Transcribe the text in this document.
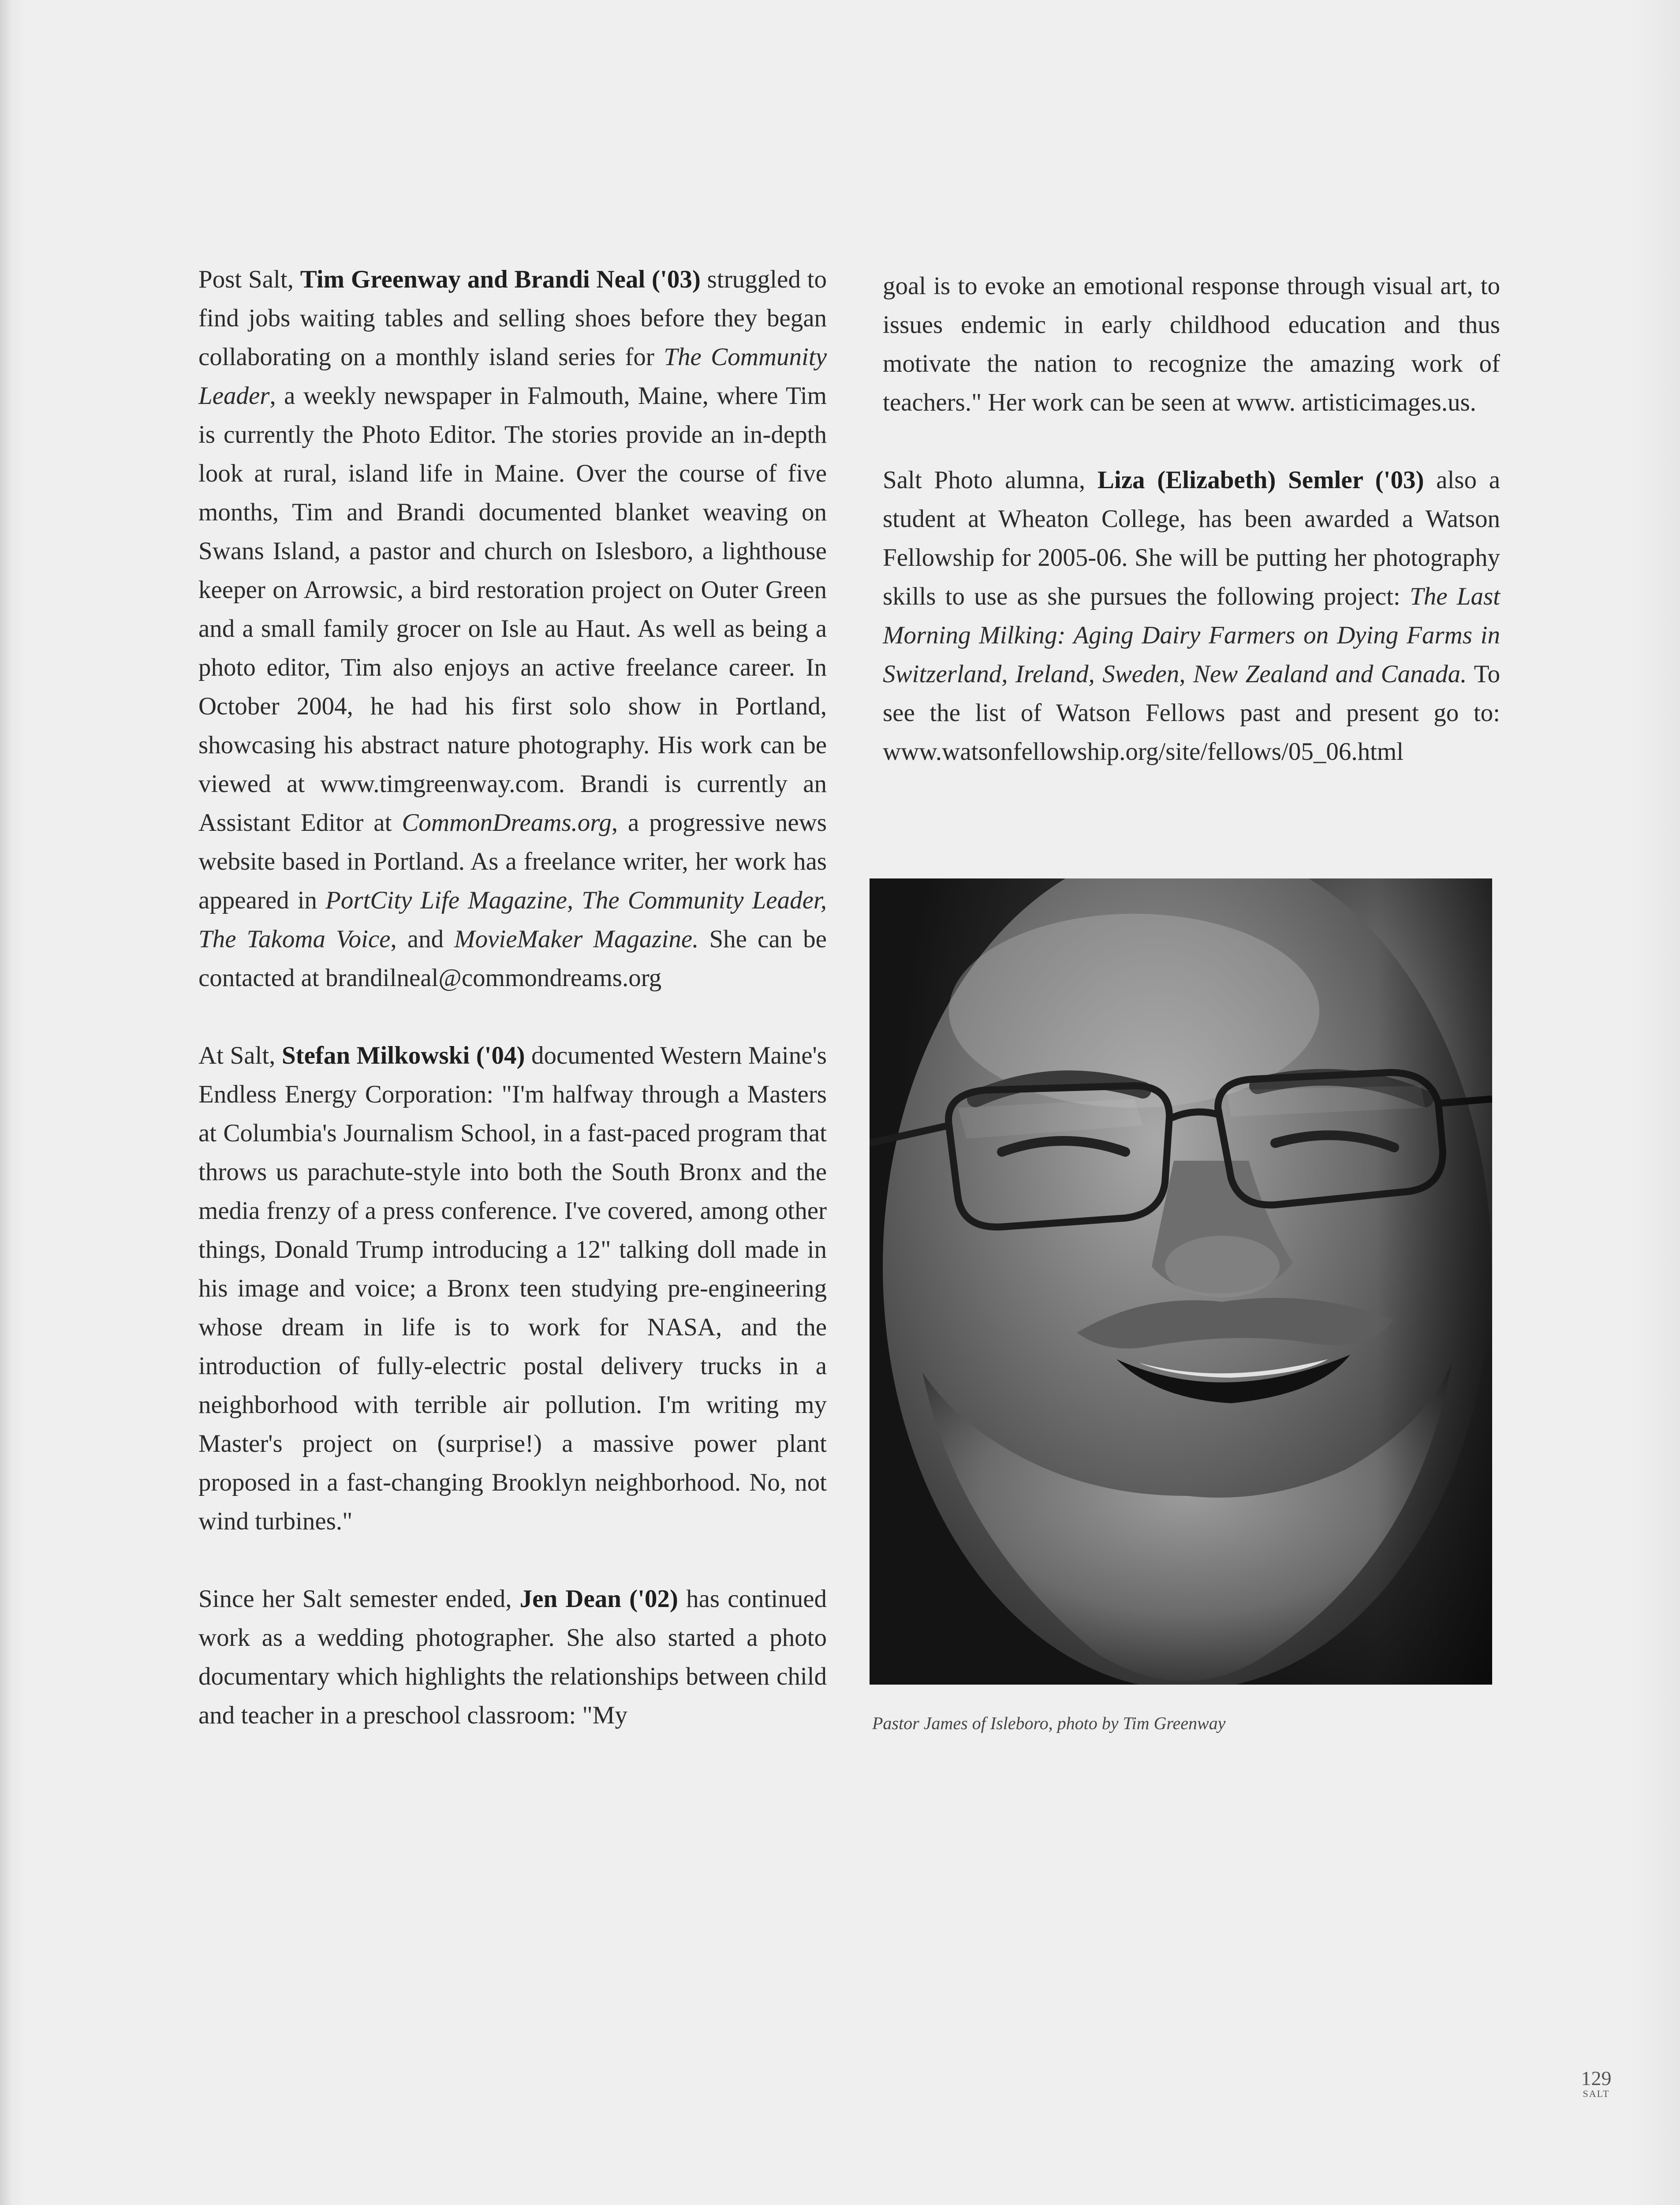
Post Salt, Tim Greenway and Brandi Neal ('03) struggled to find jobs waiting tables and selling shoes before they began collaborating on a monthly island series for The Community Leader, a weekly newspaper in Falmouth, Maine, where Tim is currently the Photo Editor. The stories provide an in-depth look at rural, island life in Maine. Over the course of five months, Tim and Brandi documented blanket weaving on Swans Island, a pastor and church on Islesboro, a lighthouse keeper on Arrowsic, a bird restoration project on Outer Green and a small family grocer on Isle au Haut. As well as being a photo editor, Tim also enjoys an active freelance career. In October 2004, he had his first solo show in Portland, showcasing his abstract nature photography. His work can be viewed at www.timgreenway.com. Brandi is currently an Assistant Editor at CommonDreams.org, a progressive news website based in Portland. As a freelance writer, her work has appeared in PortCity Life Magazine, The Community Leader, The Takoma Voice, and MovieMaker Magazine. She can be contacted at brandilneal@commondreams.org

At Salt, Stefan Milkowski ('04) documented Western Maine's Endless Energy Corporation: "I'm halfway through a Masters at Columbia's Journalism School, in a fast-paced program that throws us parachute-style into both the South Bronx and the media frenzy of a press conference. I've covered, among other things, Donald Trump introducing a 12" talking doll made in his image and voice; a Bronx teen studying pre-engineering whose dream in life is to work for NASA, and the introduction of fully-electric postal delivery trucks in a neighborhood with terrible air pollution. I'm writing my Master's project on (surprise!) a massive power plant proposed in a fast-changing Brooklyn neighborhood. No, not wind turbines."

Since her Salt semester ended, Jen Dean ('02) has continued work as a wedding photographer. She also started a photo documentary which highlights the relationships between child and teacher in a preschool classroom: "My

goal is to evoke an emotional response through visual art, to issues endemic in early childhood education and thus motivate the nation to recognize the amazing work of teachers." Her work can be seen at www. artisticimages.us.

Salt Photo alumna, Liza (Elizabeth) Semler ('03) also a student at Wheaton College, has been awarded a Watson Fellowship for 2005-06. She will be putting her photography skills to use as she pursues the following project: The Last Morning Milking: Aging Dairy Farmers on Dying Farms in Switzerland, Ireland, Sweden, New Zealand and Canada. To see the list of Watson Fellows past and present go to: www.watsonfellowship.org/site/fellows/05_06.html

Pastor James of Isleboro, photo by Tim Greenway
129
SALT
